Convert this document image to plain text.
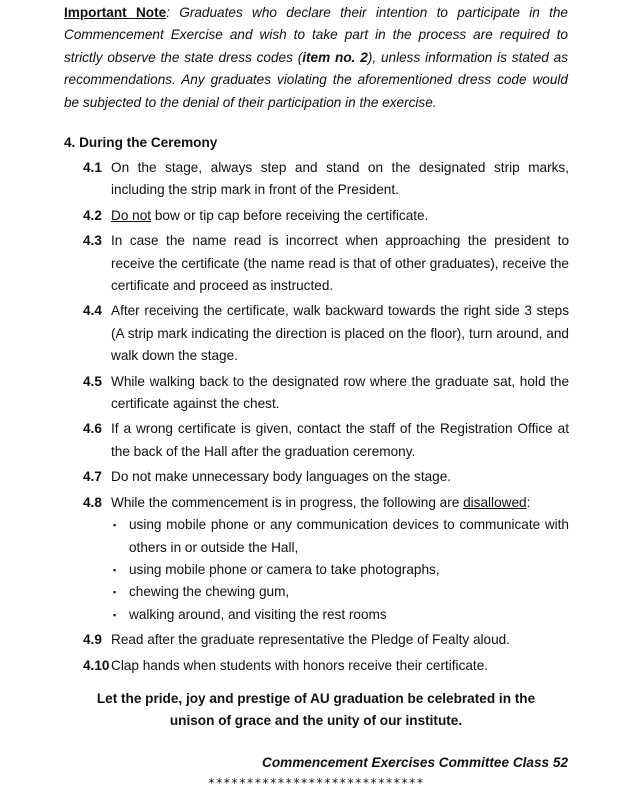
Important Note: Graduates who declare their intention to participate in the Commencement Exercise and wish to take part in the process are required to strictly observe the state dress codes (item no. 2), unless information is stated as recommendations. Any graduates violating the aforementioned dress code would be subjected to the denial of their participation in the exercise.
4. During the Ceremony
4.1 On the stage, always step and stand on the designated strip marks, including the strip mark in front of the President.
4.2 Do not bow or tip cap before receiving the certificate.
4.3 In case the name read is incorrect when approaching the president to receive the certificate (the name read is that of other graduates), receive the certificate and proceed as instructed.
4.4 After receiving the certificate, walk backward towards the right side 3 steps (A strip mark indicating the direction is placed on the floor), turn around, and walk down the stage.
4.5 While walking back to the designated row where the graduate sat, hold the certificate against the chest.
4.6 If a wrong certificate is given, contact the staff of the Registration Office at the back of the Hall after the graduation ceremony.
4.7 Do not make unnecessary body languages on the stage.
4.8 While the commencement is in progress, the following are disallowed:
▪ using mobile phone or any communication devices to communicate with others in or outside the Hall,
▪ using mobile phone or camera to take photographs,
▪ chewing the chewing gum,
▪ walking around, and visiting the rest rooms
4.9 Read after the graduate representative the Pledge of Fealty aloud.
4.10 Clap hands when students with honors receive their certificate.
Let the pride, joy and prestige of AU graduation be celebrated in the
unison of grace and the unity of our institute.
Commencement Exercises Committee Class 52
****************************
